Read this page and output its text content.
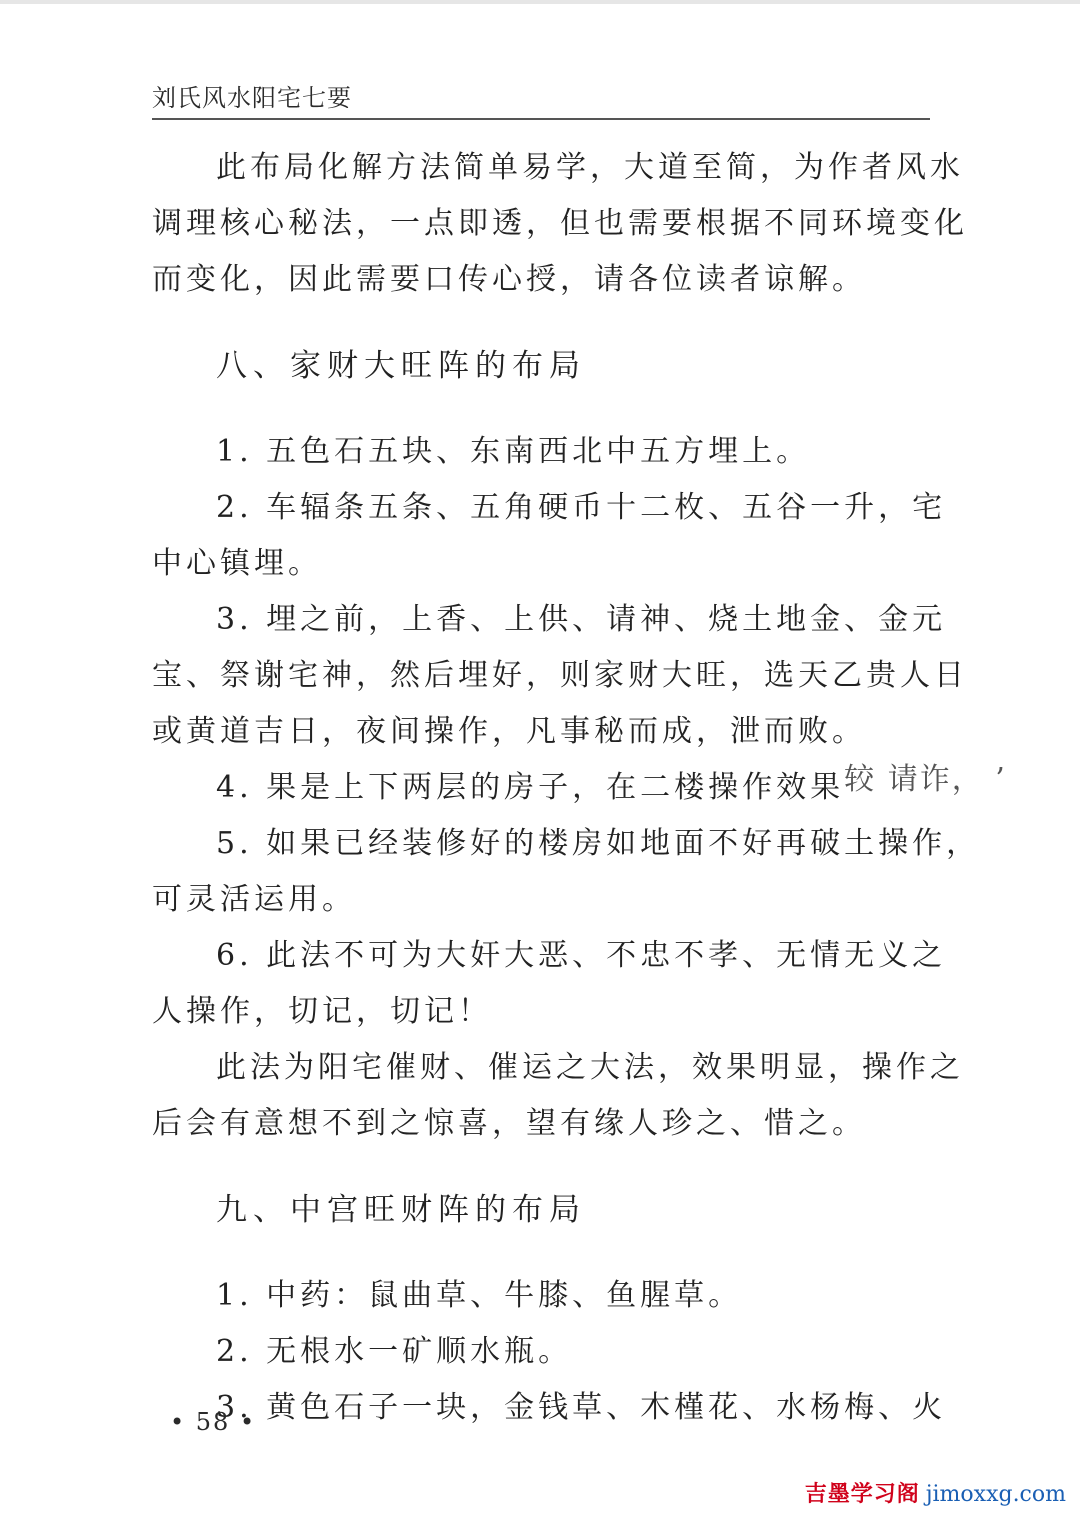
刘氏风水阳宅七要
此布局化解方法简单易学，大道至简，为作者风水
调理核心秘法，一点即透，但也需要根据不同环境变化
而变化，因此需要口传心授，请各位读者谅解。
八、家财大旺阵的布局
1. 五色石五块、东南西北中五方埋上。
2. 车辐条五条、五角硬币十二枚、五谷一升，宅
中心镇埋。
3. 埋之前，上香、上供、请神、烧土地金、金元
宝、祭谢宅神，然后埋好，则家财大旺，选天乙贵人日
或黄道吉日，夜间操作，凡事秘而成，泄而败。
4. 果是上下两层的房子，在二楼操作效果较 请诈， ’
5. 如果已经装修好的楼房如地面不好再破土操作，
可灵活运用。
6. 此法不可为大奸大恶、不忠不孝、无情无义之
人操作，切记，切记！
此法为阳宅催财、催运之大法，效果明显，操作之
后会有意想不到之惊喜，望有缘人珍之、惜之。
九、中宫旺财阵的布局
1. 中药：鼠曲草、牛膝、鱼腥草。
2. 无根水一矿顺水瓶。
3. 黄色石子一块，金钱草、木槿花、水杨梅、火
• 58 •
吉墨学习阁 jimoxxg.com
